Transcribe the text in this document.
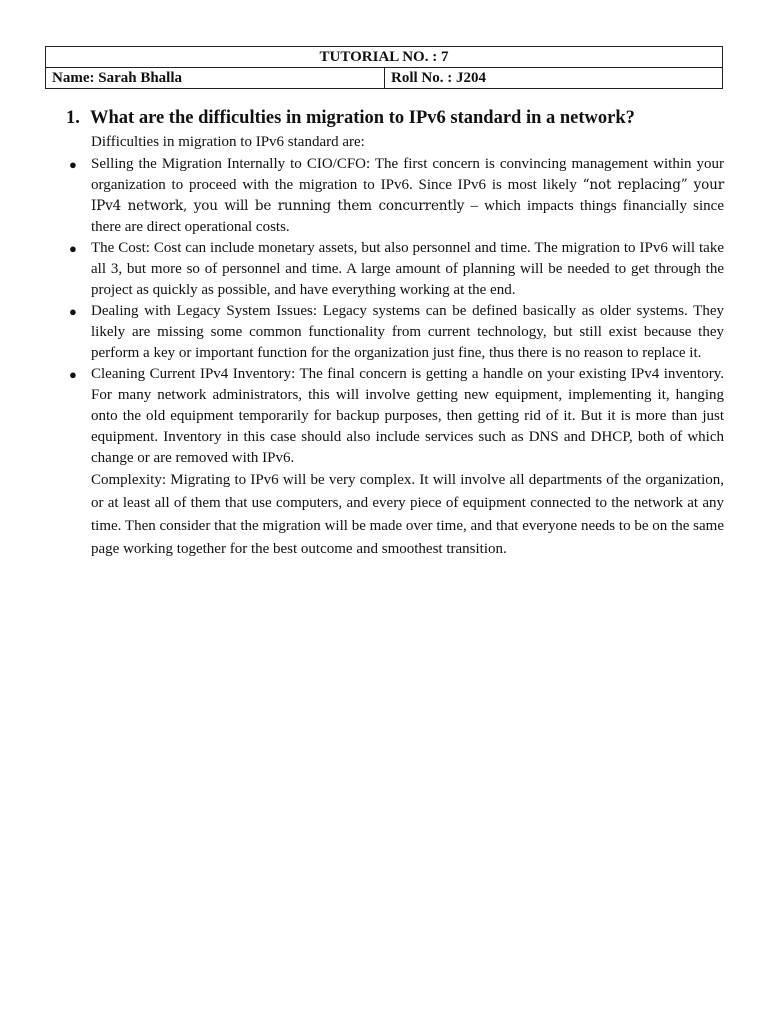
TUTORIAL NO. : 7
Name: Sarah Bhalla	Roll No. : J204
1. What are the difficulties in migration to IPv6 standard in a network?
Difficulties in migration to IPv6 standard are:
● Selling the Migration Internally to CIO/CFO: The first concern is convincing management within your organization to proceed with the migration to IPv6. Since IPv6 is most likely “not replacing” your IPv4 network, you will be running them concurrently – which impacts things financially since there are direct operational costs.
● The Cost: Cost can include monetary assets, but also personnel and time. The migration to IPv6 will take all 3, but more so of personnel and time. A large amount of planning will be needed to get through the project as quickly as possible, and have everything working at the end.
● Dealing with Legacy System Issues: Legacy systems can be defined basically as older systems. They likely are missing some common functionality from current technology, but still exist because they perform a key or important function for the organization just fine, thus there is no reason to replace it.
● Cleaning Current IPv4 Inventory: The final concern is getting a handle on your existing IPv4 inventory. For many network administrators, this will involve getting new equipment, implementing it, hanging onto the old equipment temporarily for backup purposes, then getting rid of it. But it is more than just equipment. Inventory in this case should also include services such as DNS and DHCP, both of which change or are removed with IPv6.
Complexity: Migrating to IPv6 will be very complex. It will involve all departments of the organization, or at least all of them that use computers, and every piece of equipment connected to the network at any time. Then consider that the migration will be made over time, and that everyone needs to be on the same page working together for the best outcome and smoothest transition.
